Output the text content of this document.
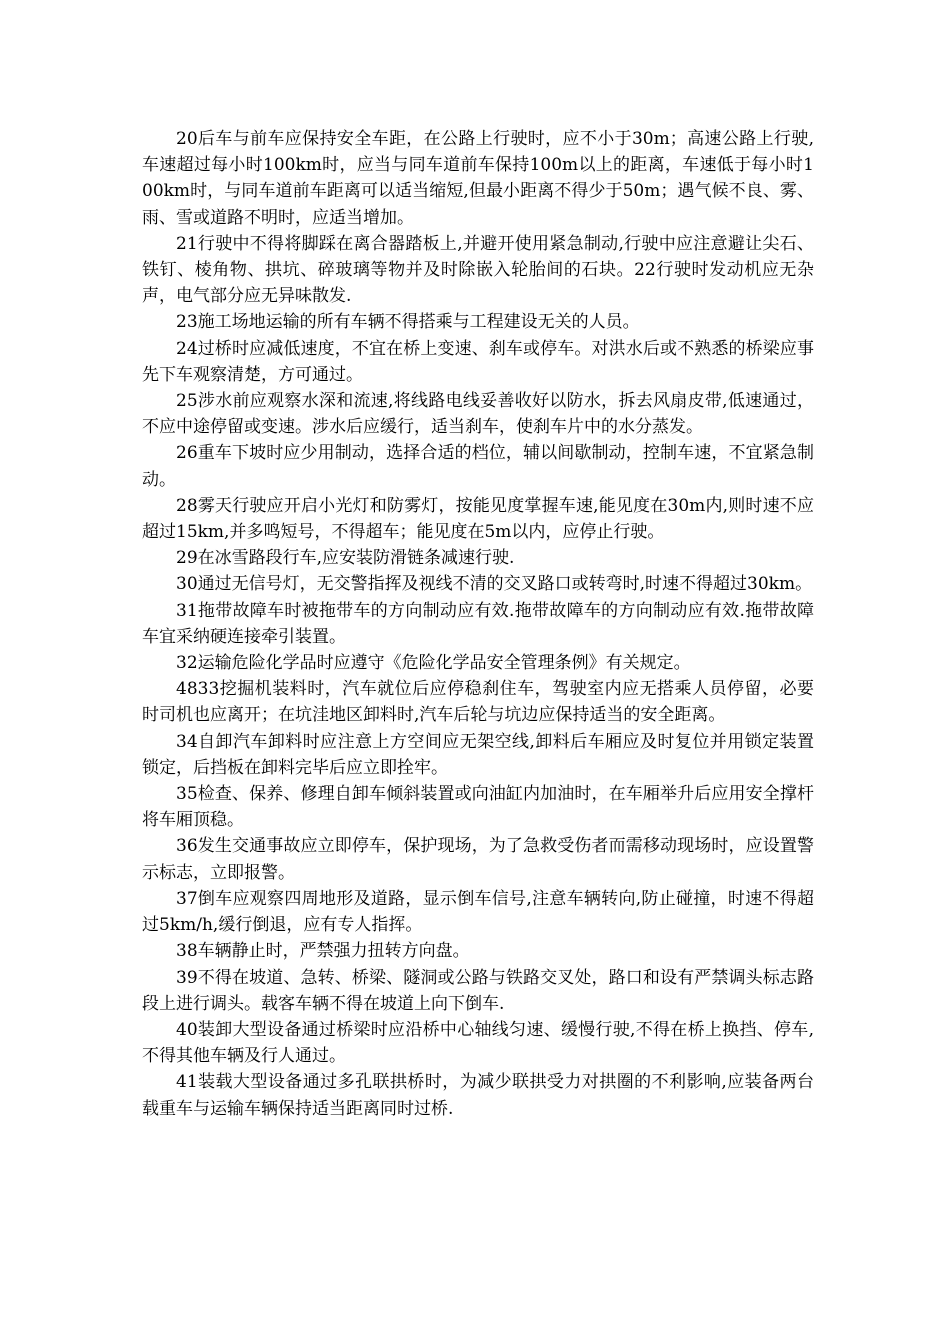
20后车与前车应保持安全车距，在公路上行驶时，应不小于30m；高速公路上行驶,车速超过每小时100km时，应当与同车道前车保持100m以上的距离，车速低于每小时100km时，与同车道前车距离可以适当缩短,但最小距离不得少于50m；遇气候不良、雾、雨、雪或道路不明时，应适当增加。

21行驶中不得将脚踩在离合器踏板上,并避开使用紧急制动,行驶中应注意避让尖石、铁钉、棱角物、拱坑、碎玻璃等物并及时除嵌入轮胎间的石块。22行驶时发动机应无杂声，电气部分应无异味散发.

23施工场地运输的所有车辆不得搭乘与工程建设无关的人员。

24过桥时应减低速度，不宜在桥上变速、刹车或停车。对洪水后或不熟悉的桥梁应事先下车观察清楚，方可通过。

25涉水前应观察水深和流速,将线路电线妥善收好以防水，拆去风扇皮带,低速通过，不应中途停留或变速。涉水后应缓行，适当刹车，使刹车片中的水分蒸发。

26重车下坡时应少用制动，选择合适的档位，辅以间歇制动，控制车速，不宜紧急制动。

28雾天行驶应开启小光灯和防雾灯，按能见度掌握车速,能见度在30m内,则时速不应超过15km,并多鸣短号，不得超车；能见度在5m以内，应停止行驶。

29在冰雪路段行车,应安装防滑链条减速行驶.

30通过无信号灯，无交警指挥及视线不清的交叉路口或转弯时,时速不得超过30km。

31拖带故障车时被拖带车的方向制动应有效.拖带故障车的方向制动应有效.拖带故障车宜采纳硬连接牵引装置。

32运输危险化学品时应遵守《危险化学品安全管理条例》有关规定。

4833挖掘机装料时，汽车就位后应停稳刹住车，驾驶室内应无搭乘人员停留，必要时司机也应离开；在坑洼地区卸料时,汽车后轮与坑边应保持适当的安全距离。

34自卸汽车卸料时应注意上方空间应无架空线,卸料后车厢应及时复位并用锁定装置锁定，后挡板在卸料完毕后应立即拴牢。

35检查、保养、修理自卸车倾斜装置或向油缸内加油时，在车厢举升后应用安全撑杆将车厢顶稳。

36发生交通事故应立即停车，保护现场，为了急救受伤者而需移动现场时，应设置警示标志，立即报警。

37倒车应观察四周地形及道路，显示倒车信号,注意车辆转向,防止碰撞，时速不得超过5km/h,缓行倒退，应有专人指挥。

38车辆静止时，严禁强力扭转方向盘。

39不得在坡道、急转、桥梁、隧洞或公路与铁路交叉处，路口和设有严禁调头标志路段上进行调头。载客车辆不得在坡道上向下倒车.

40装卸大型设备通过桥梁时应沿桥中心轴线匀速、缓慢行驶,不得在桥上换挡、停车,不得其他车辆及行人通过。

41装载大型设备通过多孔联拱桥时，为减少联拱受力对拱圈的不利影响,应装备两台载重车与运输车辆保持适当距离同时过桥.
